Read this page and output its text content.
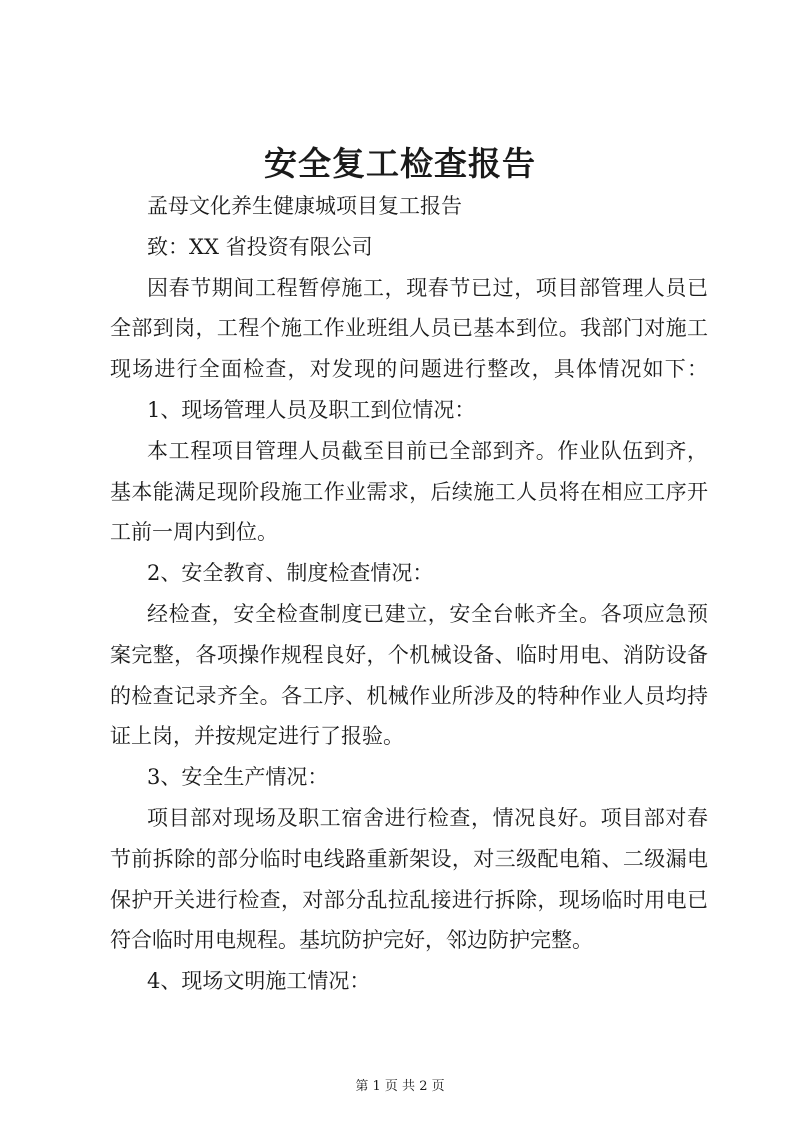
安全复工检查报告
孟母文化养生健康城项目复工报告
致：XX 省投资有限公司
因春节期间工程暂停施工，现春节已过，项目部管理人员已
全部到岗，工程个施工作业班组人员已基本到位。我部门对施工
现场进行全面检查，对发现的问题进行整改，具体情况如下：
1、现场管理人员及职工到位情况：
本工程项目管理人员截至目前已全部到齐。作业队伍到齐，
基本能满足现阶段施工作业需求，后续施工人员将在相应工序开
工前一周内到位。
2、安全教育、制度检查情况：
经检查，安全检查制度已建立，安全台帐齐全。各项应急预
案完整，各项操作规程良好，个机械设备、临时用电、消防设备
的检查记录齐全。各工序、机械作业所涉及的特种作业人员均持
证上岗，并按规定进行了报验。
3、安全生产情况：
项目部对现场及职工宿舍进行检查，情况良好。项目部对春
节前拆除的部分临时电线路重新架设，对三级配电箱、二级漏电
保护开关进行检查，对部分乱拉乱接进行拆除，现场临时用电已
符合临时用电规程。基坑防护完好，邻边防护完整。
4、现场文明施工情况：
第 1 页 共 2 页
